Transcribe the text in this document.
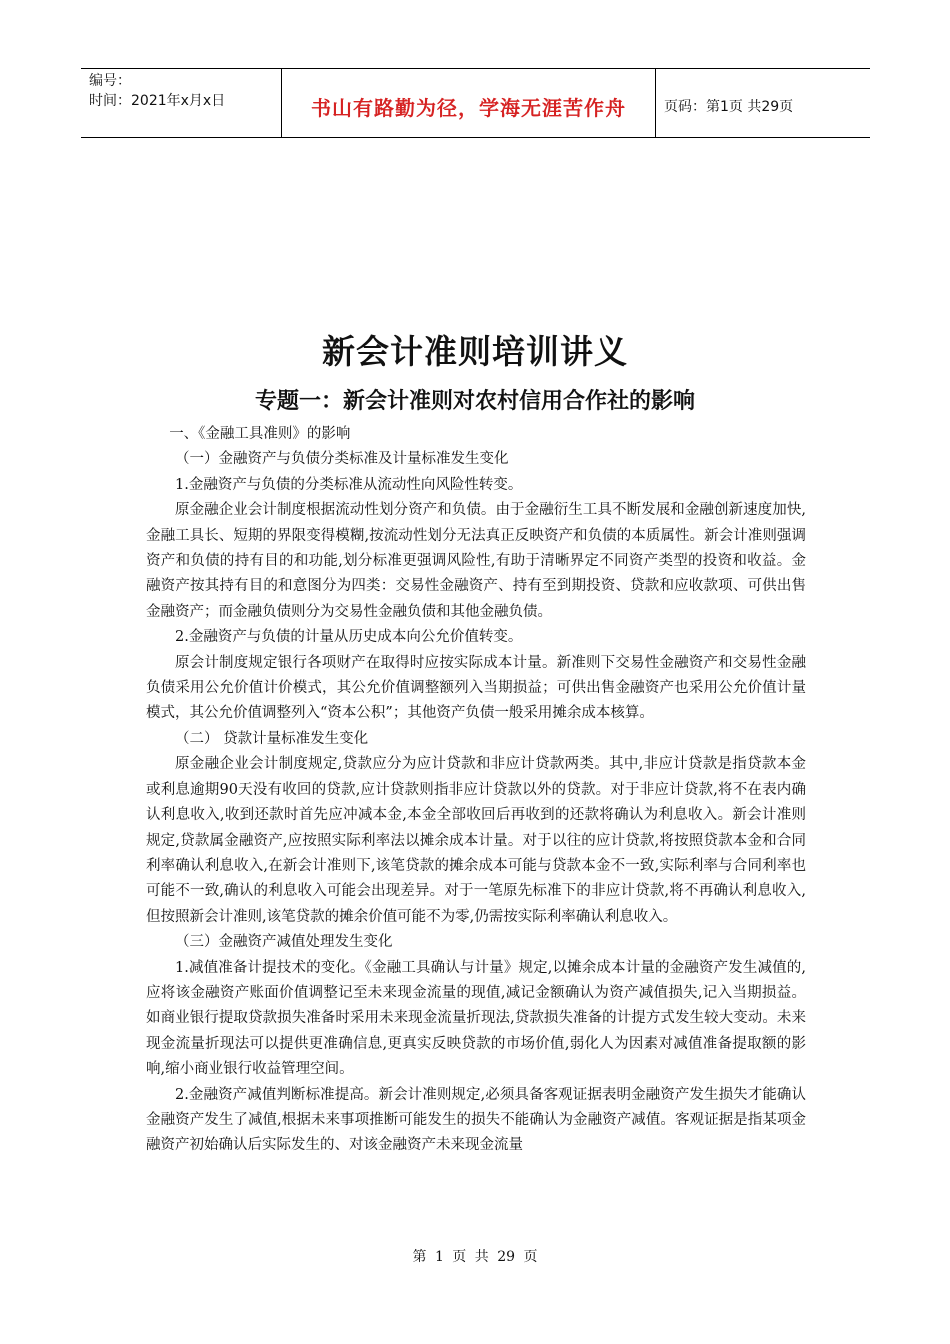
编号：
时间：2021年x月x日	书山有路勤为径，学海无涯苦作舟	页码：第1页 共29页
新会计准则培训讲义
专题一：新会计准则对农村信用合作社的影响

一、《金融工具准则》的影响

（一）金融资产与负债分类标准及计量标准发生变化

1.金融资产与负债的分类标准从流动性向风险性转变。

原金融企业会计制度根据流动性划分资产和负债。由于金融衍生工具不断发展和金融创新速度加快,金融工具长、短期的界限变得模糊,按流动性划分无法真正反映资产和负债的本质属性。新会计准则强调资产和负债的持有目的和功能,划分标准更强调风险性,有助于清晰界定不同资产类型的投资和收益。金融资产按其持有目的和意图分为四类：交易性金融资产、持有至到期投资、贷款和应收款项、可供出售金融资产；而金融负债则分为交易性金融负债和其他金融负债。

2.金融资产与负债的计量从历史成本向公允价值转变。

原会计制度规定银行各项财产在取得时应按实际成本计量。新准则下交易性金融资产和交易性金融负债采用公允价值计价模式，其公允价值调整额列入当期损益；可供出售金融资产也采用公允价值计量模式，其公允价值调整列入“资本公积”；其他资产负债一般采用摊余成本核算。

（二） 贷款计量标准发生变化

原金融企业会计制度规定,贷款应分为应计贷款和非应计贷款两类。其中,非应计贷款是指贷款本金或利息逾期90天没有收回的贷款,应计贷款则指非应计贷款以外的贷款。对于非应计贷款,将不在表内确认利息收入,收到还款时首先应冲减本金,本金全部收回后再收到的还款将确认为利息收入。新会计准则规定,贷款属金融资产,应按照实际利率法以摊余成本计量。对于以往的应计贷款,将按照贷款本金和合同利率确认利息收入,在新会计准则下,该笔贷款的摊余成本可能与贷款本金不一致,实际利率与合同利率也可能不一致,确认的利息收入可能会出现差异。对于一笔原先标准下的非应计贷款,将不再确认利息收入,但按照新会计准则,该笔贷款的摊余价值可能不为零,仍需按实际利率确认利息收入。

（三）金融资产减值处理发生变化

1.减值准备计提技术的变化。《金融工具确认与计量》规定,以摊余成本计量的金融资产发生减值的,应将该金融资产账面价值调整记至未来现金流量的现值,减记金额确认为资产减值损失,记入当期损益。如商业银行提取贷款损失准备时采用未来现金流量折现法,贷款损失准备的计提方式发生较大变动。未来现金流量折现法可以提供更准确信息,更真实反映贷款的市场价值,弱化人为因素对减值准备提取额的影响,缩小商业银行收益管理空间。

2.金融资产减值判断标准提高。新会计准则规定,必须具备客观证据表明金融资产发生损失才能确认金融资产发生了减值,根据未来事项推断可能发生的损失不能确认为金融资产减值。客观证据是指某项金融资产初始确认后实际发生的、对该金融资产未来现金流量

第 1 页 共 29 页
